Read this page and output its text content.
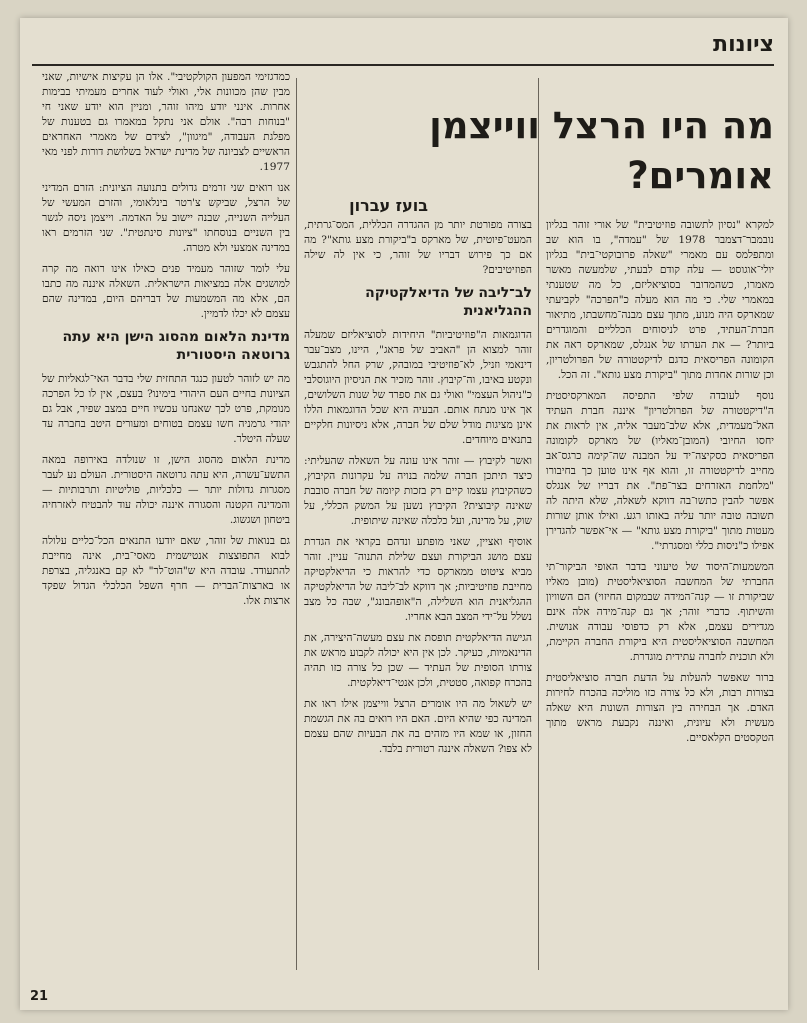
ציונות
מה היו הרצל ווייצמן אומרים?
בועז עברון

למקרא "נסיון לתשובה פוזיטיבית" של אורי זוהר בגליון נובמבר־דצמבר 1978 של "עמדה", בו הוא שב ומתפלמס עם מאמרי "שאלה פרובוקטי־בית" בגליון יולי־אוגוסט — עלה קודם לבעתי, שלמעשה מאשר מאמרו, כשהמדובר בסוציאליזם, כל מה שטענתי במאמרי שלי. כי מה הוא מעלה כ"הפרכה" לקביעתי שמארקס היה מנוע, מתוך עצם מבנה־מחשבתו, מתיאור חברת־העתיד, פרט לניסוחים הכלליים והמוגדרים ביותר? — את הערתו של אנגלס, שמארקס ראה את הקומונה הפריסאית כדגם לדיקטטורה של הפרולטריון, וכן שורות אחדות מתוך "ביקורת מצע גותא". זה הכל.

נוסף לעובדה שלפי התפיסה המארקסיסטית ה"דיקטטורה של הפרולטריון" איננה חברת העתיד האל־מעמדית, אלא שלב־מעבר אליה, אין לראות את יחסו החיובי (המובן־מאליו) של מארקס לקומונה הפריסאית כסקיצה־יד על המבנה שה־קימה כרגס־אב מחייב לדיקטטורה זו, והוא אף אינו טוען כך בחיבורו "מלחמת האזרחים בצר־פת". את דבריו של אנגלס אפשר להבין כתשו־בה דווקא לשאלה, שלא היתה לה תשובה טובה יותר עליה באותו רגע. ואילו אותן שורות מעטות מתוך "ביקורת מצע גותא" — אי־אפשר להגדירן אפילו כ"ניסות כללי ומסגרתי".

המשמעות־היסוד של טיעוני בדבר האופי הביקור־תי החברתי של המחשבה הסוציאליסטית (מובן מאליו שביקורת זו — קנה־המידה שבמקום החיזוי) הם השוויון והשיתוף. כדברי זוהר; אך גם קנה־מידה אלה אינם מגדירים עצמם, אלא רק כדפוסי עבודה אנושית. המחשבה הסוציאליסטית היא ביקורת החברה הקיימת, ולא תוכנית לחברה עתידית מוגדרת.

ברור שאפשר להעלות על הדעת חברה סוציאליסטית בצורות רבות, ולא כל צורה כזו מוליכה בהכרח לחירות האדם. אך הבחירה בין הצורות השונות היא שאלה מעשית ולא עיונית, ואיננה נקבעת מראש מתוך הטקסטים הקלאסיים.

בצורה מפורטת יותר מן ההגדרה הכללית, המס־גרתית, המעט־פיוטית, של מארקס ב"ביקורת מצע גותא"? מה אם כך פירוש דבריו של זוהר, כי אין לה שילה הפוזיטיבים?

לב־ליבה של הדיאלקטיקה ההגליאנית

הדוגמאות ה"פוזיטיביות" היחידות לסוציאליזם שמעלה זוהר למצוא הן "האביב של פראג", היינו, מצב־עבר דינאמי וזניל, לא־פוזיטיבי במובהק, שרק החל להתגבש ונקטע באיבו, וה־קיבוץ. זוהר מזכיר את הניסיון היוגוסלבי כ"ניהול העצמי" ואולי גם את ספרד של שנות השלושים, אך אינו מנתח אותם. הבעיה היא שכל הדוגמאות הללו אינן מציגות מודל שלם של חברה, אלא ניסיונות חלקיים בתנאים מיוחדים.

ואשר לקיבוץ — זוהר אינו עונה על השאלה שהעליתי: כיצד תיתכן חברה שלמה בנויה על עקרונות הקיבוץ, כשהקיבוץ עצמו קיים רק בזכות קיומה של חברה סובבת שאינה קיבוצית? הקיבוץ נשען על המשק הכללי, על שוק, על מדינה, ועל כלכלה שאינה שיתופית.

אוסיף ואציין, שאני מופתע ונדהם בקראי את הגדרת עצם מושג הביקורת ועצם שלילת התנוה־ עניין. זוהר מביא ציטוט ממארקס כדי להראות כי הדיאלקטיקה מחייבת פוזיטיביות; אך דווקא לב־ליבה של הדיאלקטיקה ההגליאנית הוא השלילה, ה"אופהבונג", שבה כל מצב נשלל על־ידי המצב הבא אחריו.

הגישה הדיאלקטית תופסת את עצם מעשה־היצירה, את הדינאמיות, כעיקר. לכן אין היא יכולה לקבוע מראש את צורתו הסופית של העתיד — שכן כל צורה כזו תהיה בהכרח קפואה, סטטית, ולכן אנטי־דיאלקטית.

יש לשאול מה היו אומרים הרצל ווייצמן אילו ראו את המדינה כפי שהיא היום. האם היו רואים בה את הגשמת החזון, או שמא היו מזהים בה את הבעיות שהם עצמם לא צפו? השאלה איננה רטורית בלבד.

כמדגזימי המפעון הקולקטיבי". אלו הן עקיצות אישיות, שאני מבין שהן מכוונות אלי, ואולי לעוד אחרים מעמיתי בבימות אחרות. אינני יודע מיהו זוהר, ומניין הוא יודע שאני חי "בנוחות רבה". אולם אני נתקל במאמרו גם בטענות של מפלגת העבודה, "מיגוון", לצידם של מאמרי האחראים הראשיים לצביונה של מדינת ישראל בשלושת דורות לפני מאי 1977.

אנו רואים שני זרמים גדולים בתנועה הציונית: הזרם המדיני של הרצל, שביקש צ'רטר בינלאומי, והזרם המעשי של העלייה השנייה, שבנה יישוב על האדמה. וייצמן ניסה לגשר בין השניים בנוסחתו "ציונות סינתטית". שני הזרמים ראו במדינה אמצעי ולא מטרה.

עלי לומר שזוהר מעמיד פנים כאילו אינו רואה מה קרה למושגים אלה במציאות הישראלית. השאלה איננה מה כתבו הם, אלא מה המשמעות של דבריהם היום, במדינה שהם עצמם לא יכלו לדמיין.

מדינת הלאום מהסוג הישן היא עתה גרוטאה היסטורית

מה יש לזוהר לטעון כנגד התחזית שלי בדבר האי־לגאליות של הציונות בחיים העם היהודי בימינו? בעצם, אין לו כל הפרכה מנומקת, פרט לכך שאנחנו עכשיו חיים במצב שפיר, אבל גם יהודי גרמניה חשו עצמם בטוחים ומעורים היטב בחברה עד שעלה היטלר.

מדינת הלאום מהסוג הישן, זו שנולדה באירופה במאה התשע־עשרה, היא עתה גרוטאה היסטורית. העולם נע לעבר מסגרות גדולות יותר — כלכליות, פוליטיות ותרבותיות — והמדינה הקטנה והסגורה איננה יכולה עוד להבטיח לאזרחיה ביטחון ושגשוג.

גם בנואות של זוהר, שאם יודעו התנאים הכל־כליים עלולה לבוא התפוצצות אנטישמית מאסי־בית, אינה מחייבת להתעודד. עובדה היא ש"הוט־לר" לא קם באנגליה, בצרפת או בארצות־הברית — חרף השפל הכלכלי הגדול שפקד ארצות אלו.

21
